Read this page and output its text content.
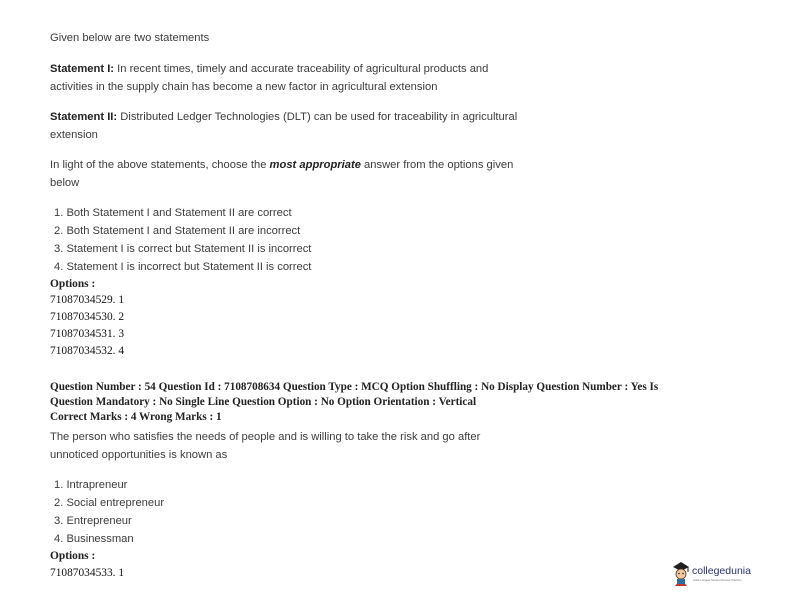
Given below are two statements
Statement I: In recent times, timely and accurate traceability of agricultural products and
activities in the supply chain has become a new factor in agricultural extension
Statement II: Distributed Ledger Technologies (DLT) can be used for traceability in agricultural
extension
In light of the above statements, choose the most appropriate answer from the options given
below
1. Both Statement I and Statement II are correct
2. Both Statement I and Statement II are incorrect
3. Statement I is correct but Statement II is incorrect
4. Statement I is incorrect but Statement II is correct
Options :
71087034529. 1
71087034530. 2
71087034531. 3
71087034532. 4
Question Number : 54 Question Id : 7108708634 Question Type : MCQ Option Shuffling : No Display Question Number : Yes Is
Question Mandatory : No Single Line Question Option : No Option Orientation : Vertical
Correct Marks : 4 Wrong Marks : 1
The person who satisfies the needs of people and is willing to take the risk and go after
unnoticed opportunities is known as
1. Intrapreneur
2. Social entrepreneur
3. Entrepreneur
4. Businessman
Options :
71087034533. 1	collegedunia
India's largest Student Review Platform
